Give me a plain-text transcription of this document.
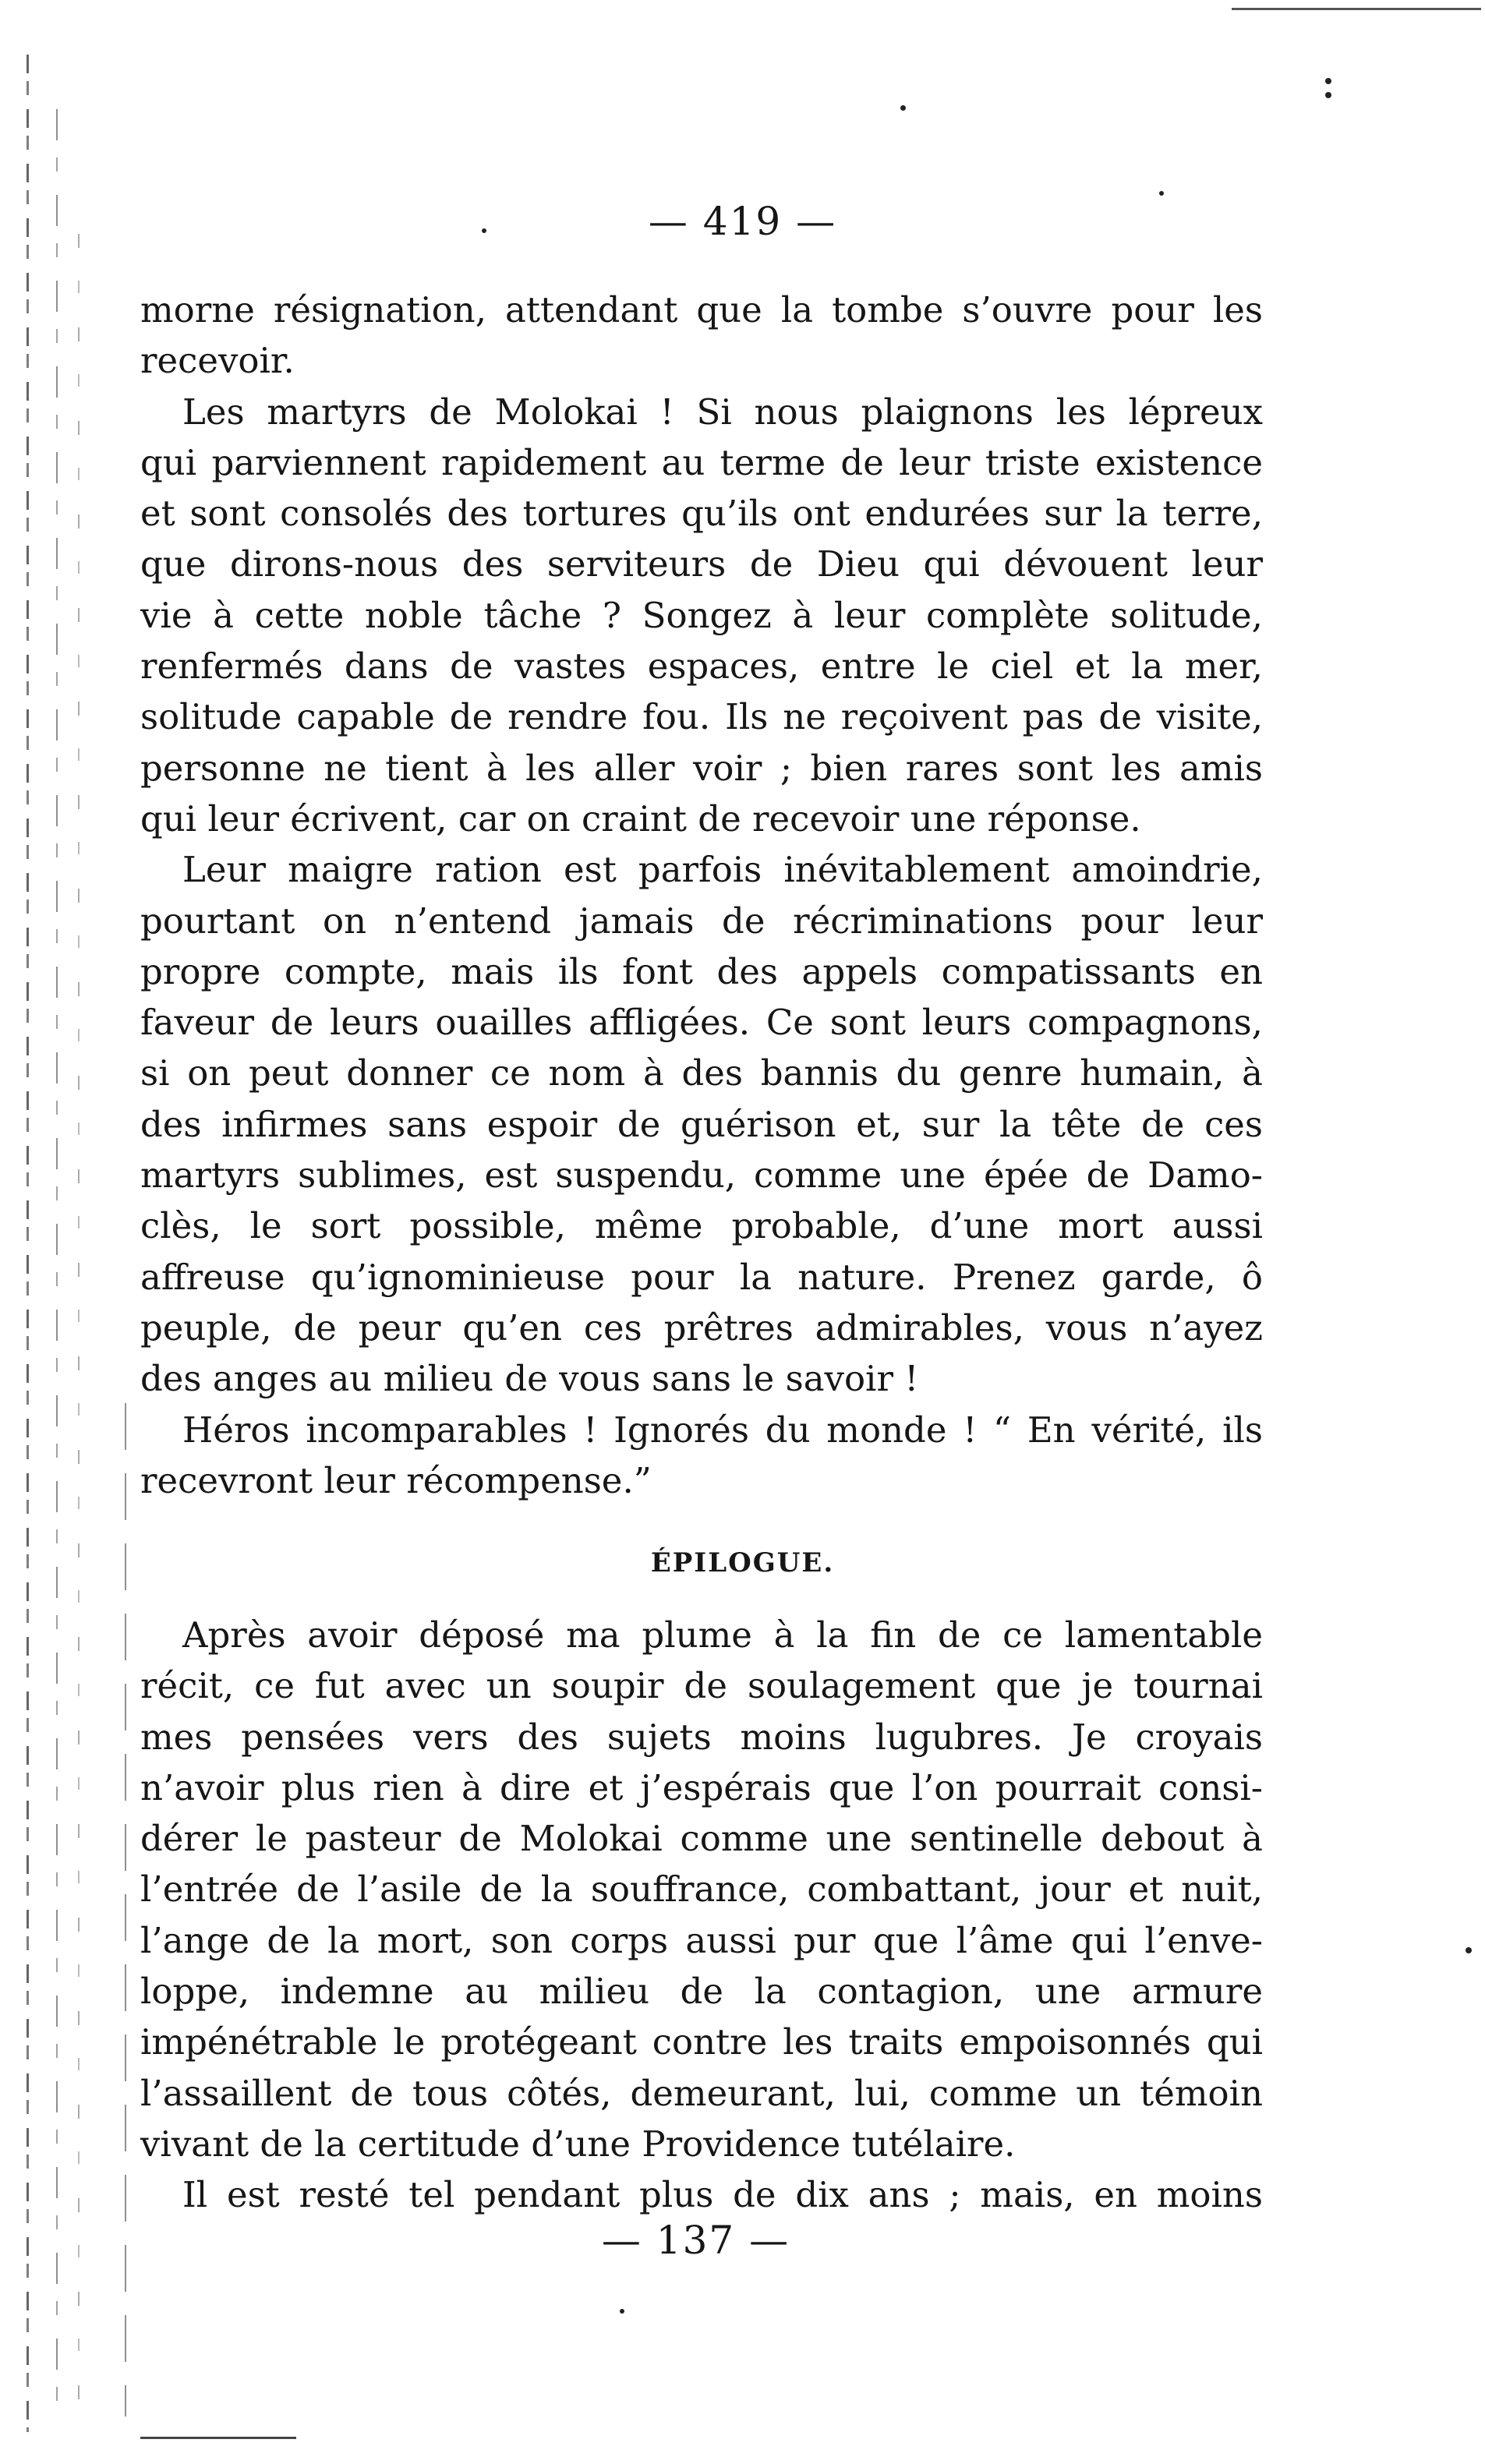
— 419 —
morne résignation, attendant que la tombe s’ouvre pour les
recevoir.
Les martyrs de Molokai ! Si nous plaignons les lépreux
qui parviennent rapidement au terme de leur triste existence
et sont consolés des tortures qu’ils ont endurées sur la terre,
que dirons-nous des serviteurs de Dieu qui dévouent leur
vie à cette noble tâche ? Songez à leur complète solitude,
renfermés dans de vastes espaces, entre le ciel et la mer,
solitude capable de rendre fou. Ils ne reçoivent pas de visite,
personne ne tient à les aller voir ; bien rares sont les amis
qui leur écrivent, car on craint de recevoir une réponse.
Leur maigre ration est parfois inévitablement amoindrie,
pourtant on n’entend jamais de récriminations pour leur
propre compte, mais ils font des appels compatissants en
faveur de leurs ouailles affligées. Ce sont leurs compagnons,
si on peut donner ce nom à des bannis du genre humain, à
des infirmes sans espoir de guérison et, sur la tête de ces
martyrs sublimes, est suspendu, comme une épée de Damo-
clès, le sort possible, même probable, d’une mort aussi
affreuse qu’ignominieuse pour la nature. Prenez garde, ô
peuple, de peur qu’en ces prêtres admirables, vous n’ayez
des anges au milieu de vous sans le savoir !
Héros incomparables ! Ignorés du monde ! “ En vérité, ils
recevront leur récompense.”
ÉPILOGUE.
Après avoir déposé ma plume à la fin de ce lamentable
récit, ce fut avec un soupir de soulagement que je tournai
mes pensées vers des sujets moins lugubres. Je croyais
n’avoir plus rien à dire et j’espérais que l’on pourrait consi-
dérer le pasteur de Molokai comme une sentinelle debout à
l’entrée de l’asile de la souffrance, combattant, jour et nuit,
l’ange de la mort, son corps aussi pur que l’âme qui l’enve-
loppe, indemne au milieu de la contagion, une armure
impénétrable le protégeant contre les traits empoisonnés qui
l’assaillent de tous côtés, demeurant, lui, comme un témoin
vivant de la certitude d’une Providence tutélaire.
Il est resté tel pendant plus de dix ans ; mais, en moins
— 137 —
